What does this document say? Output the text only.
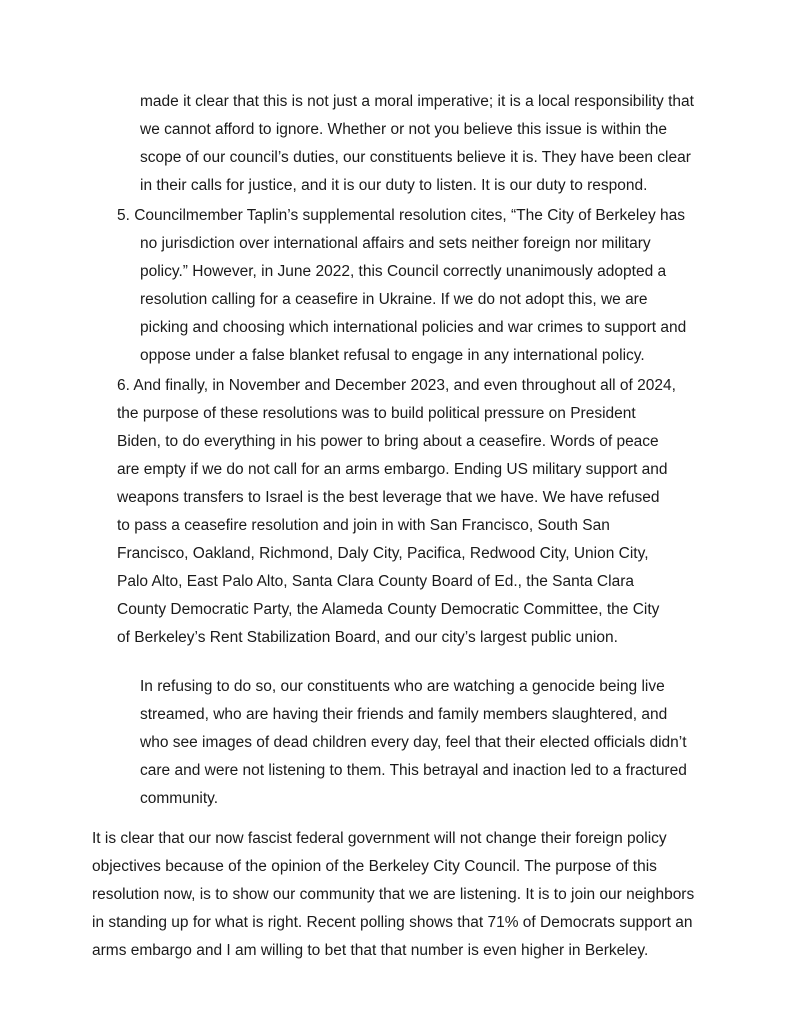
made it clear that this is not just a moral imperative; it is a local responsibility that

we cannot afford to ignore. Whether or not you believe this issue is within the

scope of our council’s duties, our constituents believe it is. They have been clear

in their calls for justice, and it is our duty to listen. It is our duty to respond.

5. Councilmember Taplin’s supplemental resolution cites, “The City of Berkeley has

no jurisdiction over international affairs and sets neither foreign nor military

policy.” However, in June 2022, this Council correctly unanimously adopted a

resolution calling for a ceasefire in Ukraine. If we do not adopt this, we are

picking and choosing which international policies and war crimes to support and

oppose under a false blanket refusal to engage in any international policy.

6. And finally, in November and December 2023, and even throughout all of 2024,

the purpose of these resolutions was to build political pressure on President

Biden, to do everything in his power to bring about a ceasefire. Words of peace

are empty if we do not call for an arms embargo. Ending US military support and

weapons transfers to Israel is the best leverage that we have. We have refused

to pass a ceasefire resolution and join in with San Francisco, South San

Francisco, Oakland, Richmond, Daly City, Pacifica, Redwood City, Union City,

Palo Alto, East Palo Alto, Santa Clara County Board of Ed., the Santa Clara

County Democratic Party, the Alameda County Democratic Committee, the City

of Berkeley’s Rent Stabilization Board, and our city’s largest public union.

In refusing to do so, our constituents who are watching a genocide being live

streamed, who are having their friends and family members slaughtered, and

who see images of dead children every day, feel that their elected officials didn’t

care and were not listening to them. This betrayal and inaction led to a fractured

community.

It is clear that our now fascist federal government will not change their foreign policy

objectives because of the opinion of the Berkeley City Council. The purpose of this

resolution now, is to show our community that we are listening. It is to join our neighbors

in standing up for what is right. Recent polling shows that 71% of Democrats support an

arms embargo and I am willing to bet that that number is even higher in Berkeley.
